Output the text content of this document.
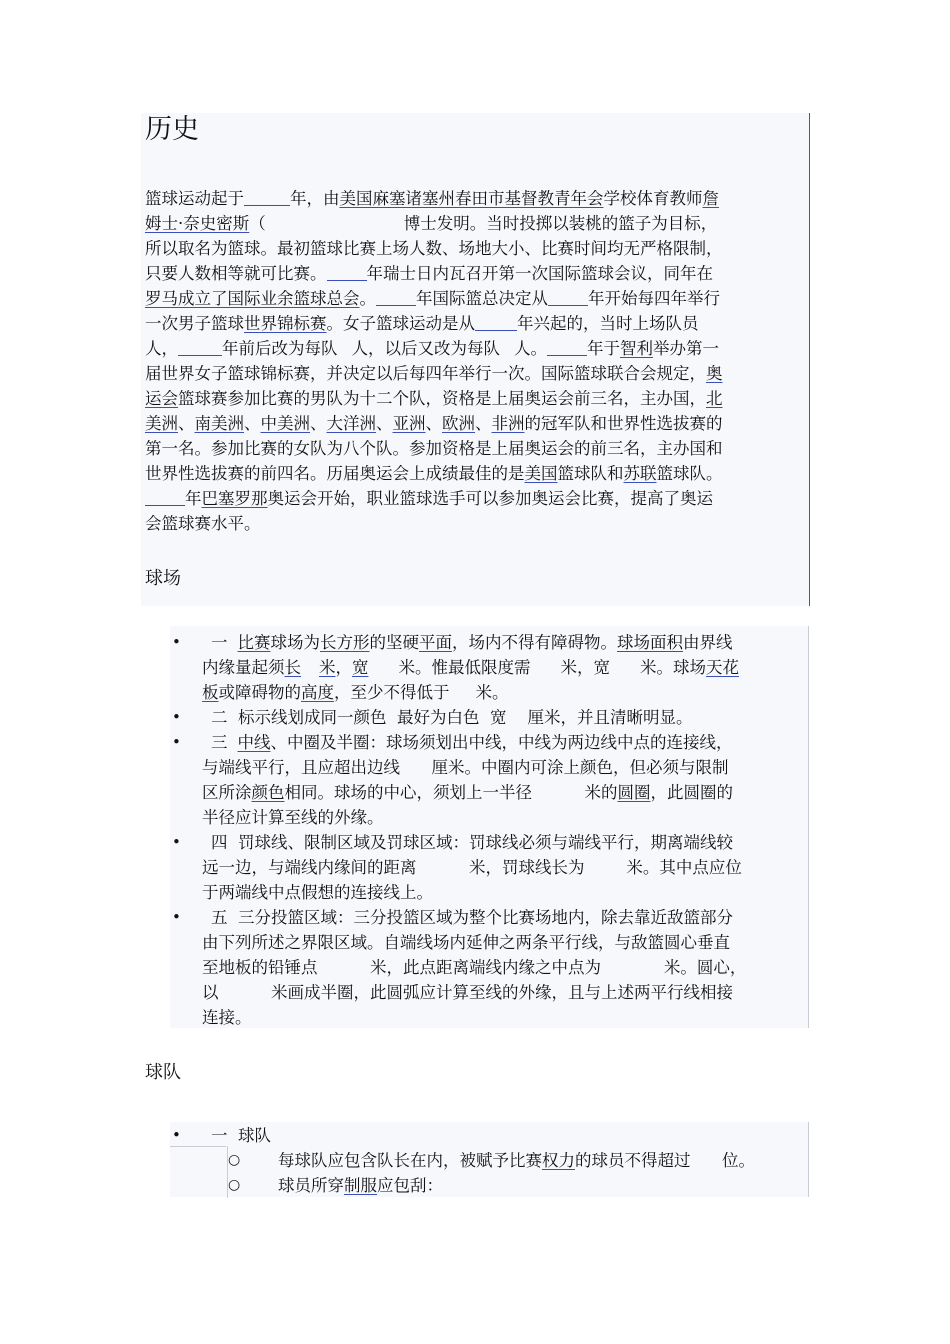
历史
篮球运动起于	年，由美国麻塞诸塞州春田市基督教青年会学校体育教师詹
姆士·奈史密斯（	博士发明。当时投掷以装桃的篮子为目标，
所以取名为篮球。最初篮球比赛上场人数、场地大小、比赛时间均无严格限制，
只要人数相等就可比赛。 年瑞士日内瓦召开第一次国际篮球会议，同年在
罗马成立了国际业余篮球总会。 年国际篮总决定从 年开始每四年举行
一次男子篮球世界锦标赛。女子篮球运动是从	年兴起的，当时上场队员
人，	年前后改为每队 人，以后又改为每队 人。 年于智利举办第一
届世界女子篮球锦标赛，并决定以后每四年举行一次。国际篮球联合会规定，奥
运会篮球赛参加比赛的男队为十二个队，资格是上届奥运会前三名，主办国，北
美洲、南美洲、中美洲、大洋洲、亚洲、欧洲、非洲的冠军队和世界性选拔赛的
第一名。参加比赛的女队为八个队。参加资格是上届奥运会的前三名，主办国和
世界性选拔赛的前四名。历届奥运会上成绩最佳的是美国篮球队和苏联篮球队。
年巴塞罗那奥运会开始，职业篮球选手可以参加奥运会比赛，提高了奥运
会篮球赛水平。
球场
• 一 比赛球场为长方形的坚硬平面，场内不得有障碍物。球场面积由界线
内缘量起须长 米，宽 米。惟最低限度需 米，宽 米。球场天花
板或障碍物的高度，至少不得低于 米。
• 二  标示线划成同一颜色  最好为白色  宽    厘米，并且清晰明显。
• 三 中线、中圈及半圈：球场须划出中线，中线为两边线中点的连接线，
与端线平行，且应超出边线      厘米。中圈内可涂上颜色，但必须与限制
区所涂颜色相同。球场的中心，须划上一半径          米的圆圈，此圆圈的
半径应计算至线的外缘。
• 四  罚球线、限制区域及罚球区域：罚球线必须与端线平行，期离端线较
远一边，与端线内缘间的距离          米，罚球线长为        米。其中点应位
于两端线中点假想的连接线上。
• 五  三分投篮区域：三分投篮区域为整个比赛场地内，除去靠近敌篮部分
由下列所述之界限区域。自端线场内延伸之两条平行线，与敌篮圆心垂直
至地板的铅锤点          米，此点距离端线内缘之中点为            米。圆心，
以          米画成半圈，此圆弧应计算至线的外缘，且与上述两平行线相接
连接。
球队
• 一  球队
○ 每球队应包含队长在内，被赋予比赛权力的球员不得超过      位。
○ 球员所穿制服应包刮：
